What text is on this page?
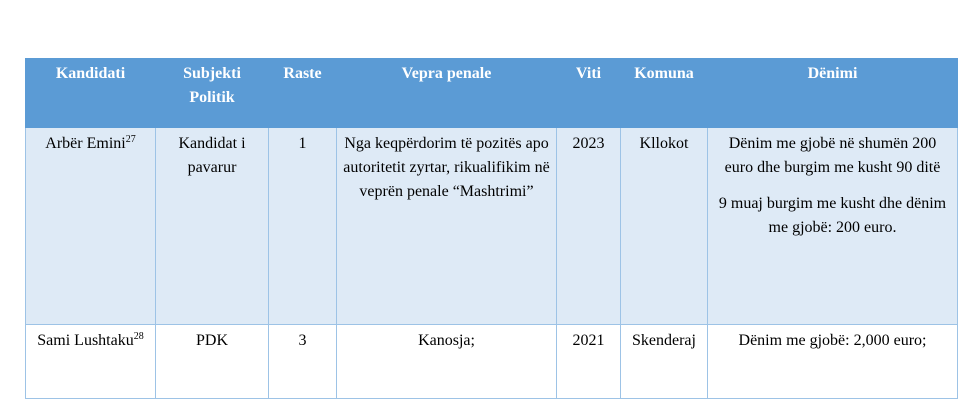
Kandidati	Subjekti Politik	Raste	Vepra penale	Viti	Komuna	Dënimi
Arbër Emini$^{27}$	Kandidat i pavarur	1	Nga keqpërdorim të pozitës apo autoritetit zyrtar, rikualifikim në veprën penale “Mashtrimi”	2023	Kllokot	Dënim me gjobë në shumën 200 euro dhe burgim me kusht 90 ditë
9 muaj burgim me kusht dhe dënim me gjobë: 200 euro.

Sami Lushtaku$^{28}$	PDK	3	Kanosja;	2021	Skenderaj	Dënim me gjobë: 2,000 euro;
